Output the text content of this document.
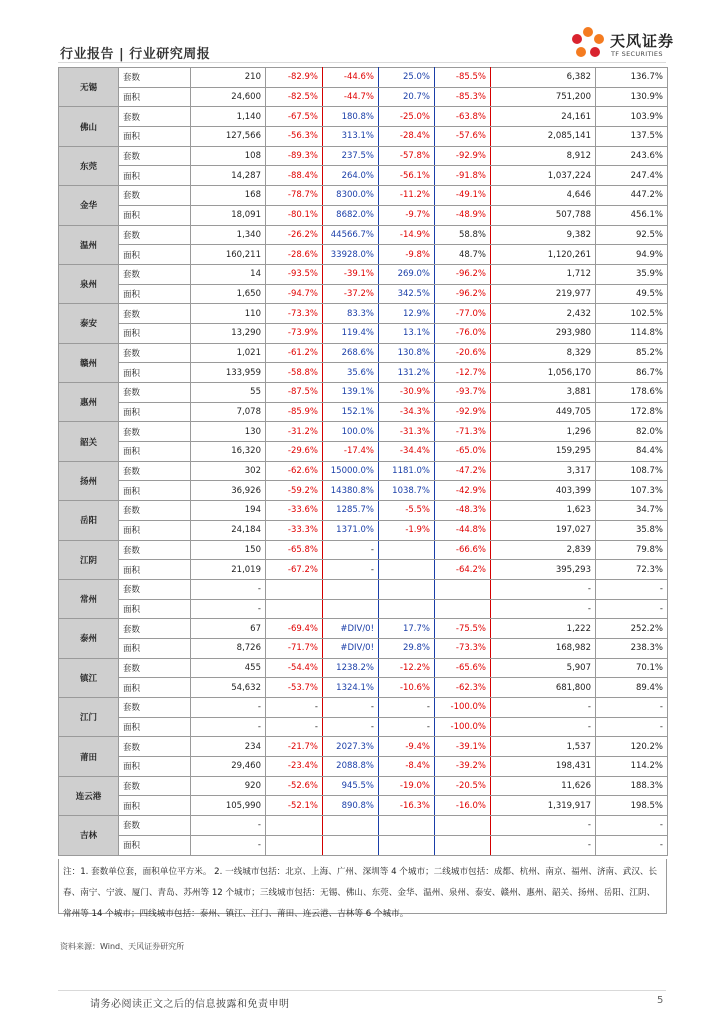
行业报告 | 行业研究周报
天风证券
TF SECURITIES
无锡	套数	210	-82.9%	-44.6%	25.0%	-85.5%	6,382	136.7%
	面积	24,600	-82.5%	-44.7%	20.7%	-85.3%	751,200	130.9%
佛山	套数	1,140	-67.5%	180.8%	-25.0%	-63.8%	24,161	103.9%
	面积	127,566	-56.3%	313.1%	-28.4%	-57.6%	2,085,141	137.5%
东莞	套数	108	-89.3%	237.5%	-57.8%	-92.9%	8,912	243.6%
	面积	14,287	-88.4%	264.0%	-56.1%	-91.8%	1,037,224	247.4%
金华	套数	168	-78.7%	8300.0%	-11.2%	-49.1%	4,646	447.2%
	面积	18,091	-80.1%	8682.0%	-9.7%	-48.9%	507,788	456.1%
温州	套数	1,340	-26.2%	44566.7%	-14.9%	58.8%	9,382	92.5%
	面积	160,211	-28.6%	33928.0%	-9.8%	48.7%	1,120,261	94.9%
泉州	套数	14	-93.5%	-39.1%	269.0%	-96.2%	1,712	35.9%
	面积	1,650	-94.7%	-37.2%	342.5%	-96.2%	219,977	49.5%
泰安	套数	110	-73.3%	83.3%	12.9%	-77.0%	2,432	102.5%
	面积	13,290	-73.9%	119.4%	13.1%	-76.0%	293,980	114.8%
赣州	套数	1,021	-61.2%	268.6%	130.8%	-20.6%	8,329	85.2%
	面积	133,959	-58.8%	35.6%	131.2%	-12.7%	1,056,170	86.7%
惠州	套数	55	-87.5%	139.1%	-30.9%	-93.7%	3,881	178.6%
	面积	7,078	-85.9%	152.1%	-34.3%	-92.9%	449,705	172.8%
韶关	套数	130	-31.2%	100.0%	-31.3%	-71.3%	1,296	82.0%
	面积	16,320	-29.6%	-17.4%	-34.4%	-65.0%	159,295	84.4%
扬州	套数	302	-62.6%	15000.0%	1181.0%	-47.2%	3,317	108.7%
	面积	36,926	-59.2%	14380.8%	1038.7%	-42.9%	403,399	107.3%
岳阳	套数	194	-33.6%	1285.7%	-5.5%	-48.3%	1,623	34.7%
	面积	24,184	-33.3%	1371.0%	-1.9%	-44.8%	197,027	35.8%
江阴	套数	150	-65.8%	-		-66.6%	2,839	79.8%
	面积	21,019	-67.2%	-		-64.2%	395,293	72.3%
常州	套数	-					-	-
	面积	-					-	-
泰州	套数	67	-69.4%	#DIV/0!	17.7%	-75.5%	1,222	252.2%
	面积	8,726	-71.7%	#DIV/0!	29.8%	-73.3%	168,982	238.3%
镇江	套数	455	-54.4%	1238.2%	-12.2%	-65.6%	5,907	70.1%
	面积	54,632	-53.7%	1324.1%	-10.6%	-62.3%	681,800	89.4%
江门	套数	-	-	-	-	-100.0%	-	-
	面积	-	-	-	-	-100.0%	-	-
莆田	套数	234	-21.7%	2027.3%	-9.4%	-39.1%	1,537	120.2%
	面积	29,460	-23.4%	2088.8%	-8.4%	-39.2%	198,431	114.2%
连云港	套数	920	-52.6%	945.5%	-19.0%	-20.5%	11,626	188.3%
	面积	105,990	-52.1%	890.8%	-16.3%	-16.0%	1,319,917	198.5%
吉林	套数	-					-	-
	面积	-					-	-
注：1. 套数单位套，面积单位平方米。 2. 一线城市包括：北京、上海、广州、深圳等 4 个城市；二线城市包括：成都、杭州、南京、福州、济南、武汉、长春、南宁、宁波、厦门、青岛、苏州等 12 个城市；三线城市包括：无锡、佛山、东莞、金华、温州、泉州、泰安、赣州、惠州、韶关、扬州、岳阳、江阴、常州等 14 个城市；四线城市包括：泰州、镇江、江门、莆田、连云港、吉林等 6 个城市。
资料来源：Wind、天风证券研究所
请务必阅读正文之后的信息披露和免责申明	5
